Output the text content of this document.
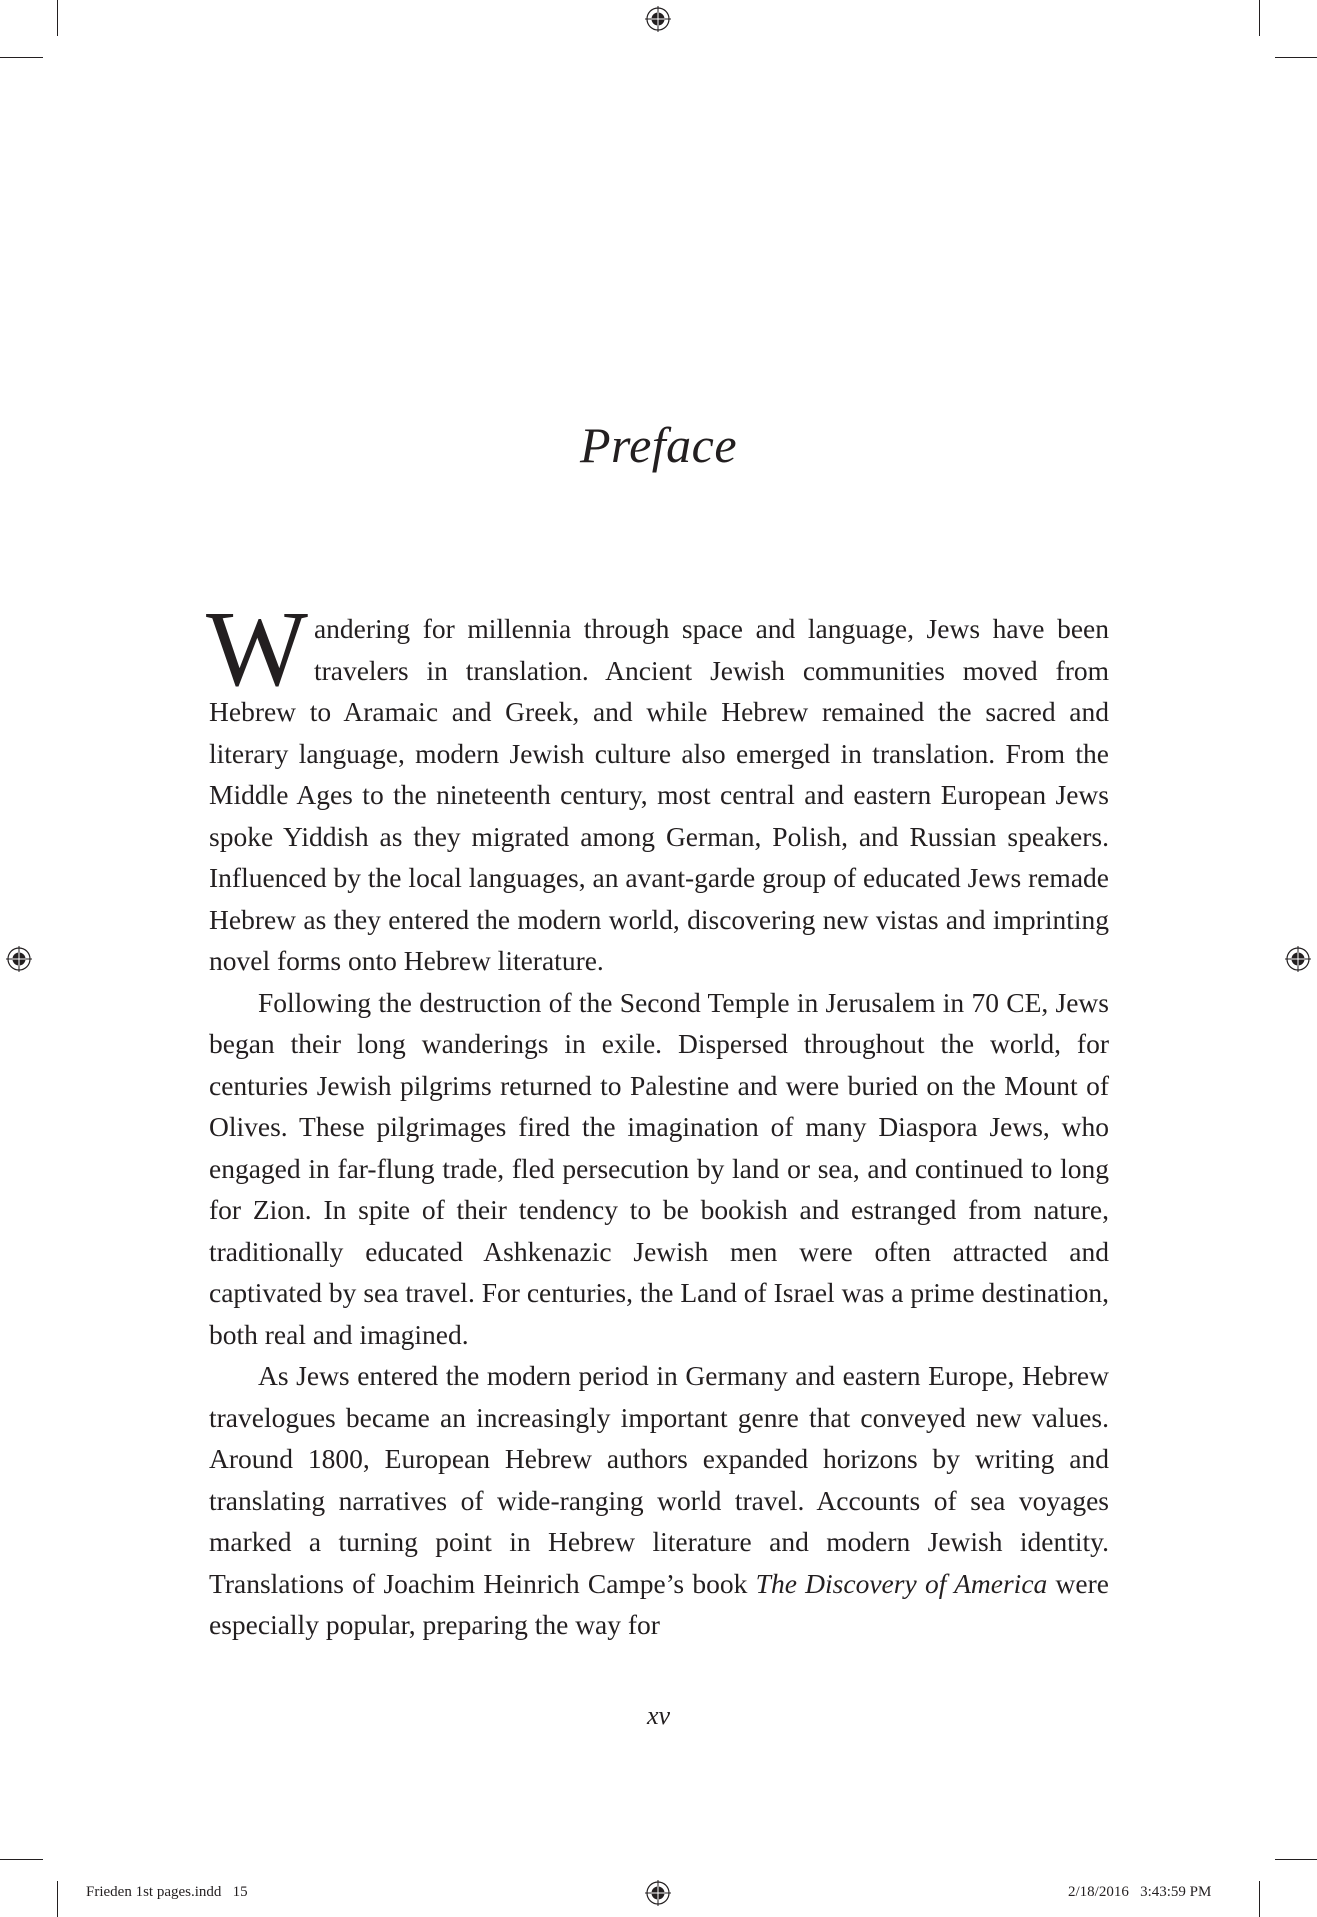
Preface

Wandering for millennia through space and language, Jews have been travelers in translation. Ancient Jewish communities moved from Hebrew to Aramaic and Greek, and while Hebrew remained the sacred and literary language, modern Jewish culture also emerged in translation. From the Middle Ages to the nineteenth century, most central and eastern European Jews spoke Yiddish as they migrated among German, Polish, and Russian speakers. Influenced by the local languages, an avant-garde group of educated Jews remade Hebrew as they entered the modern world, discovering new vistas and imprinting novel forms onto Hebrew literature.

Following the destruction of the Second Temple in Jerusalem in 70 CE, Jews began their long wanderings in exile. Dispersed throughout the world, for centuries Jewish pilgrims returned to Palestine and were buried on the Mount of Olives. These pilgrimages fired the imagination of many Diaspora Jews, who engaged in far-flung trade, fled persecution by land or sea, and continued to long for Zion. In spite of their tendency to be bookish and estranged from nature, traditionally educated Ashkenazic Jewish men were often attracted and captivated by sea travel. For centuries, the Land of Israel was a prime destination, both real and imagined.

As Jews entered the modern period in Germany and eastern Europe, Hebrew travelogues became an increasingly important genre that conveyed new values. Around 1800, European Hebrew authors expanded horizons by writing and translating narratives of wide-ranging world travel. Accounts of sea voyages marked a turning point in Hebrew literature and modern Jewish identity. Translations of Joachim Heinrich Campe’s book The Discovery of America were especially popular, preparing the way for

xv
Frieden 1st pages.indd   15	2/18/2016   3:43:59 PM
